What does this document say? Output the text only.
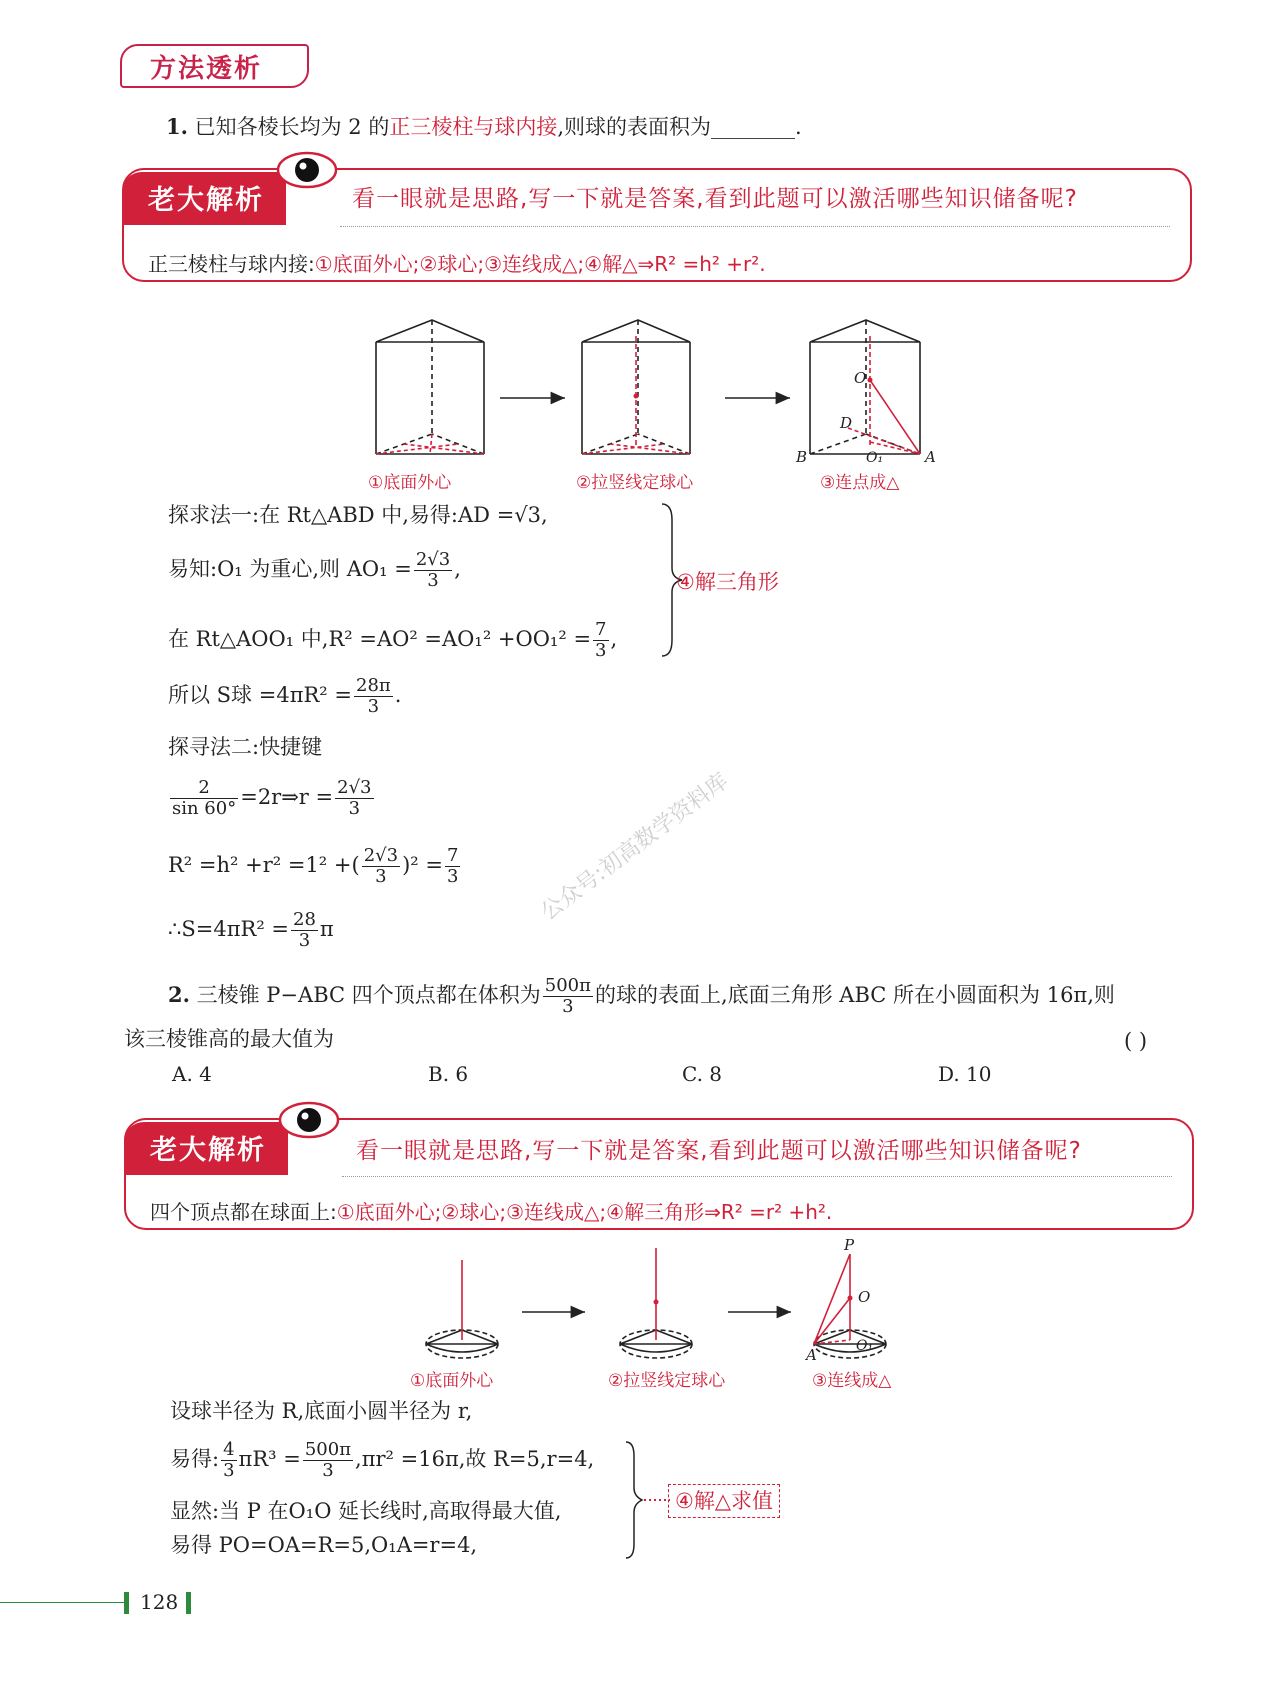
方法透析
1. 已知各棱长均为 2 的正三棱柱与球内接,则球的表面积为________.
老大解析	看一眼就是思路,写一下就是答案,看到此题可以激活哪些知识储备呢?
正三棱柱与球内接:①底面外心;②球心;③连线成△;④解△⇒R² =h² +r².
O
D
O₁
B	A
①底面外心	②拉竖线定球心	③连点成△
探求法一:在 Rt△ABD 中,易得:AD =√3,
易知:O₁ 为重心,则 $AO_1 = \frac{2√3}{3}$ ,
在 Rt△AOO₁ 中$,R^2 =AO^2 =AO_1^2 +OO_1^2 = \frac{7}{3}$ ,
④解三角形
所以 S球 $=4\pi R^2 = \frac{28\pi}{3}$ .
探寻法二:快捷键
$\frac{2}{\sin 60^\circ}$ =2r⇒r = $\frac{2√3}{3}$
R² =h² +r² =1² +( $\frac{2√3}{3} )^2 = \frac{7}{3}$
∴S=4πR² = $\frac{28}{3}$ π
公众号:初高数学资料库
2. 三棱锥 P−ABC 四个顶点都在体积为 $\frac{500\pi}{3}$ 的球的表面上,底面三角形 ABC 所在小圆面积为 16π,则
该三棱锥高的最大值为	( )
A. 4	B. 6	C. 8	D. 10
老大解析	看一眼就是思路,写一下就是答案,看到此题可以激活哪些知识储备呢?
四个顶点都在球面上:①底面外心;②球心;③连线成△;④解三角形⇒R² =r² +h².
P
O
A	O₁
①底面外心	②拉竖线定球心	③连线成△
设球半径为 R,底面小圆半径为 r,
易得: $\frac{4}{3} \pi R^3 = \frac{500\pi}{3} ,\pi r^2 =16\pi$,故 R=5,r=4,
显然:当 P 在O₁O 延长线时,高取得最大值,
易得 PO=OA=R=5,O₁A=r=4,
④解△求值
128
